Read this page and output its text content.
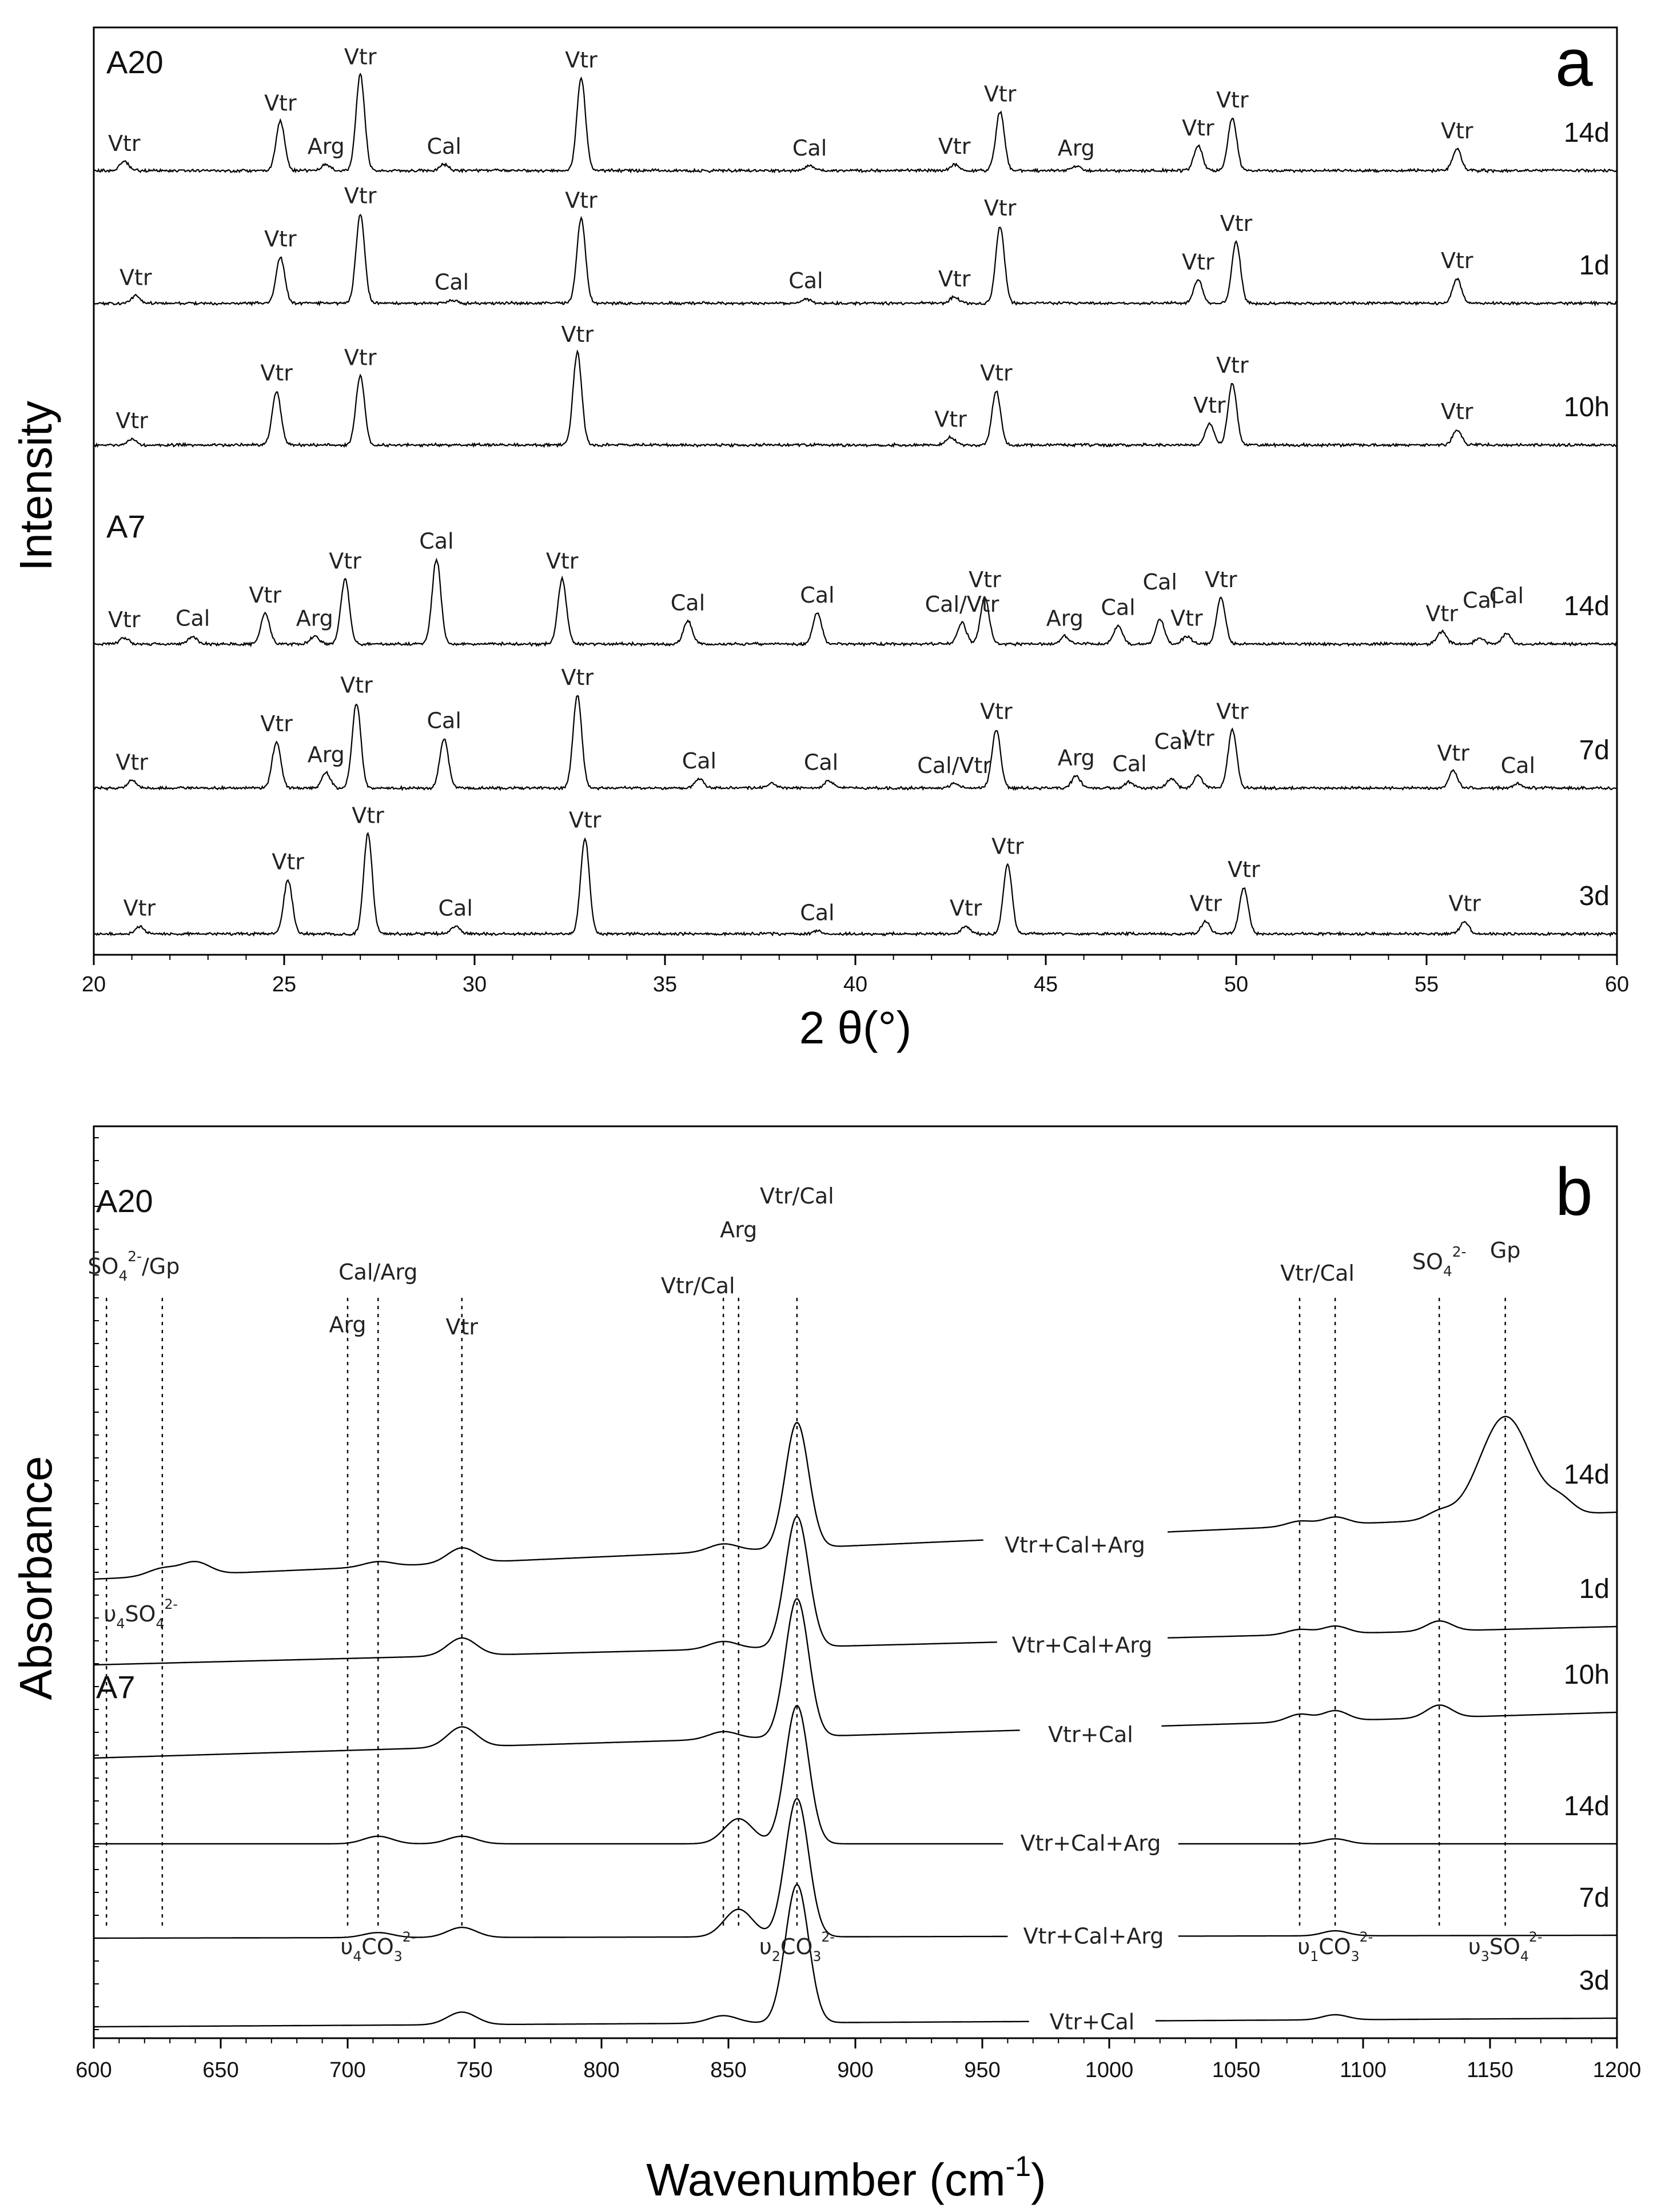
20	25	30	35	40	45	50	55	60
14d
Vtr
Vtr
Arg
Vtr
Cal
Vtr
Cal	Vtr
Vtr
Arg
Vtr
Vtr
Vtr
1d
Vtr
Vtr
Vtr
Cal
Vtr
Cal	Vtr
Vtr
Vtr
Vtr
Vtr
10h
Vtr
Vtr
Vtr
Vtr
Vtr
Vtr
Vtr
Vtr
Vtr
14d
Vtr Cal
Vtr
Arg
Vtr
Cal
Vtr
Cal	Cal	Cal/Vtr
Vtr
Arg Cal
Cal
Vtr
Vtr
Vtr
Cal
Cal
7d
Vtr
Vtr
Arg
Vtr
Cal
Vtr
Cal	Cal	Cal/Vtr
Vtr
Arg Cal
Cal
Vtr
Vtr
Vtr Cal
3d
Vtr
Vtr
Vtr
Cal
Vtr
Cal	Vtr
Vtr
Vtr
Vtr
Vtr
A20
A7
a
2 θ(°)
Intensity
600	650	700	750	800	850	900	950	1000	1050	1100	1150	1200
Vtr+Cal+Arg
14d
Vtr+Cal+Arg
1d
Vtr+Cal
10h
Vtr+Cal+Arg
14d
Vtr+Cal+Arg
7d
Vtr+Cal
3d
$SO_4^{2-}/Gp$
Arg
Cal/Arg
Vtr
Vtr/Cal
Arg
Vtr/Cal
Vtr/Cal	$SO_4^{2-}$ Gp
$\upsilon_4SO_4^{2-}$
$\upsilon_4CO_3^{2-}$	$\upsilon_2CO_3^{2-}$	$\upsilon_1CO_3^{2-}$	$\upsilon_3SO_4^{2-}$
A20
A7
b
Wavenumber $(cm^{-1})$
Absorbance
